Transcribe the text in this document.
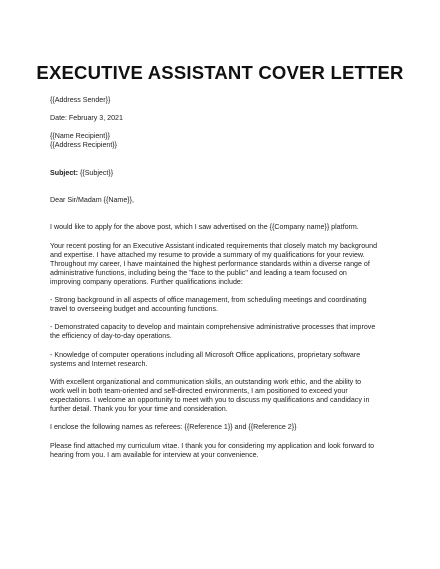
EXECUTIVE ASSISTANT COVER LETTER
{{Address Sender}}
Date: February 3, 2021
{{Name Recipient}}
{{Address Recipient}}
Subject: {{Subject}}
Dear Sir/Madam {{Name}},
I would like to apply for the above post, which I saw advertised on the {{Company name}} platform.
Your recent posting for an Executive Assistant indicated requirements that closely match my background
and expertise. I have attached my resume to provide a summary of my qualifications for your review.
Throughout my career, I have maintained the highest performance standards within a diverse range of
administrative functions, including being the "face to the public" and leading a team focused on
improving company operations. Further qualifications include:
- Strong background in all aspects of office management, from scheduling meetings and coordinating
travel to overseeing budget and accounting functions.
- Demonstrated capacity to develop and maintain comprehensive administrative processes that improve
the efficiency of day-to-day operations.
- Knowledge of computer operations including all Microsoft Office applications, proprietary software
systems and Internet research.
With excellent organizational and communication skills, an outstanding work ethic, and the ability to
work well in both team-oriented and self-directed environments, I am positioned to exceed your
expectations. I welcome an opportunity to meet with you to discuss my qualifications and candidacy in
further detail. Thank you for your time and consideration.
I enclose the following names as referees: {{Reference 1}} and {{Reference 2}}
Please find attached my curriculum vitae. I thank you for considering my application and look forward to
hearing from you. I am available for interview at your convenience.
